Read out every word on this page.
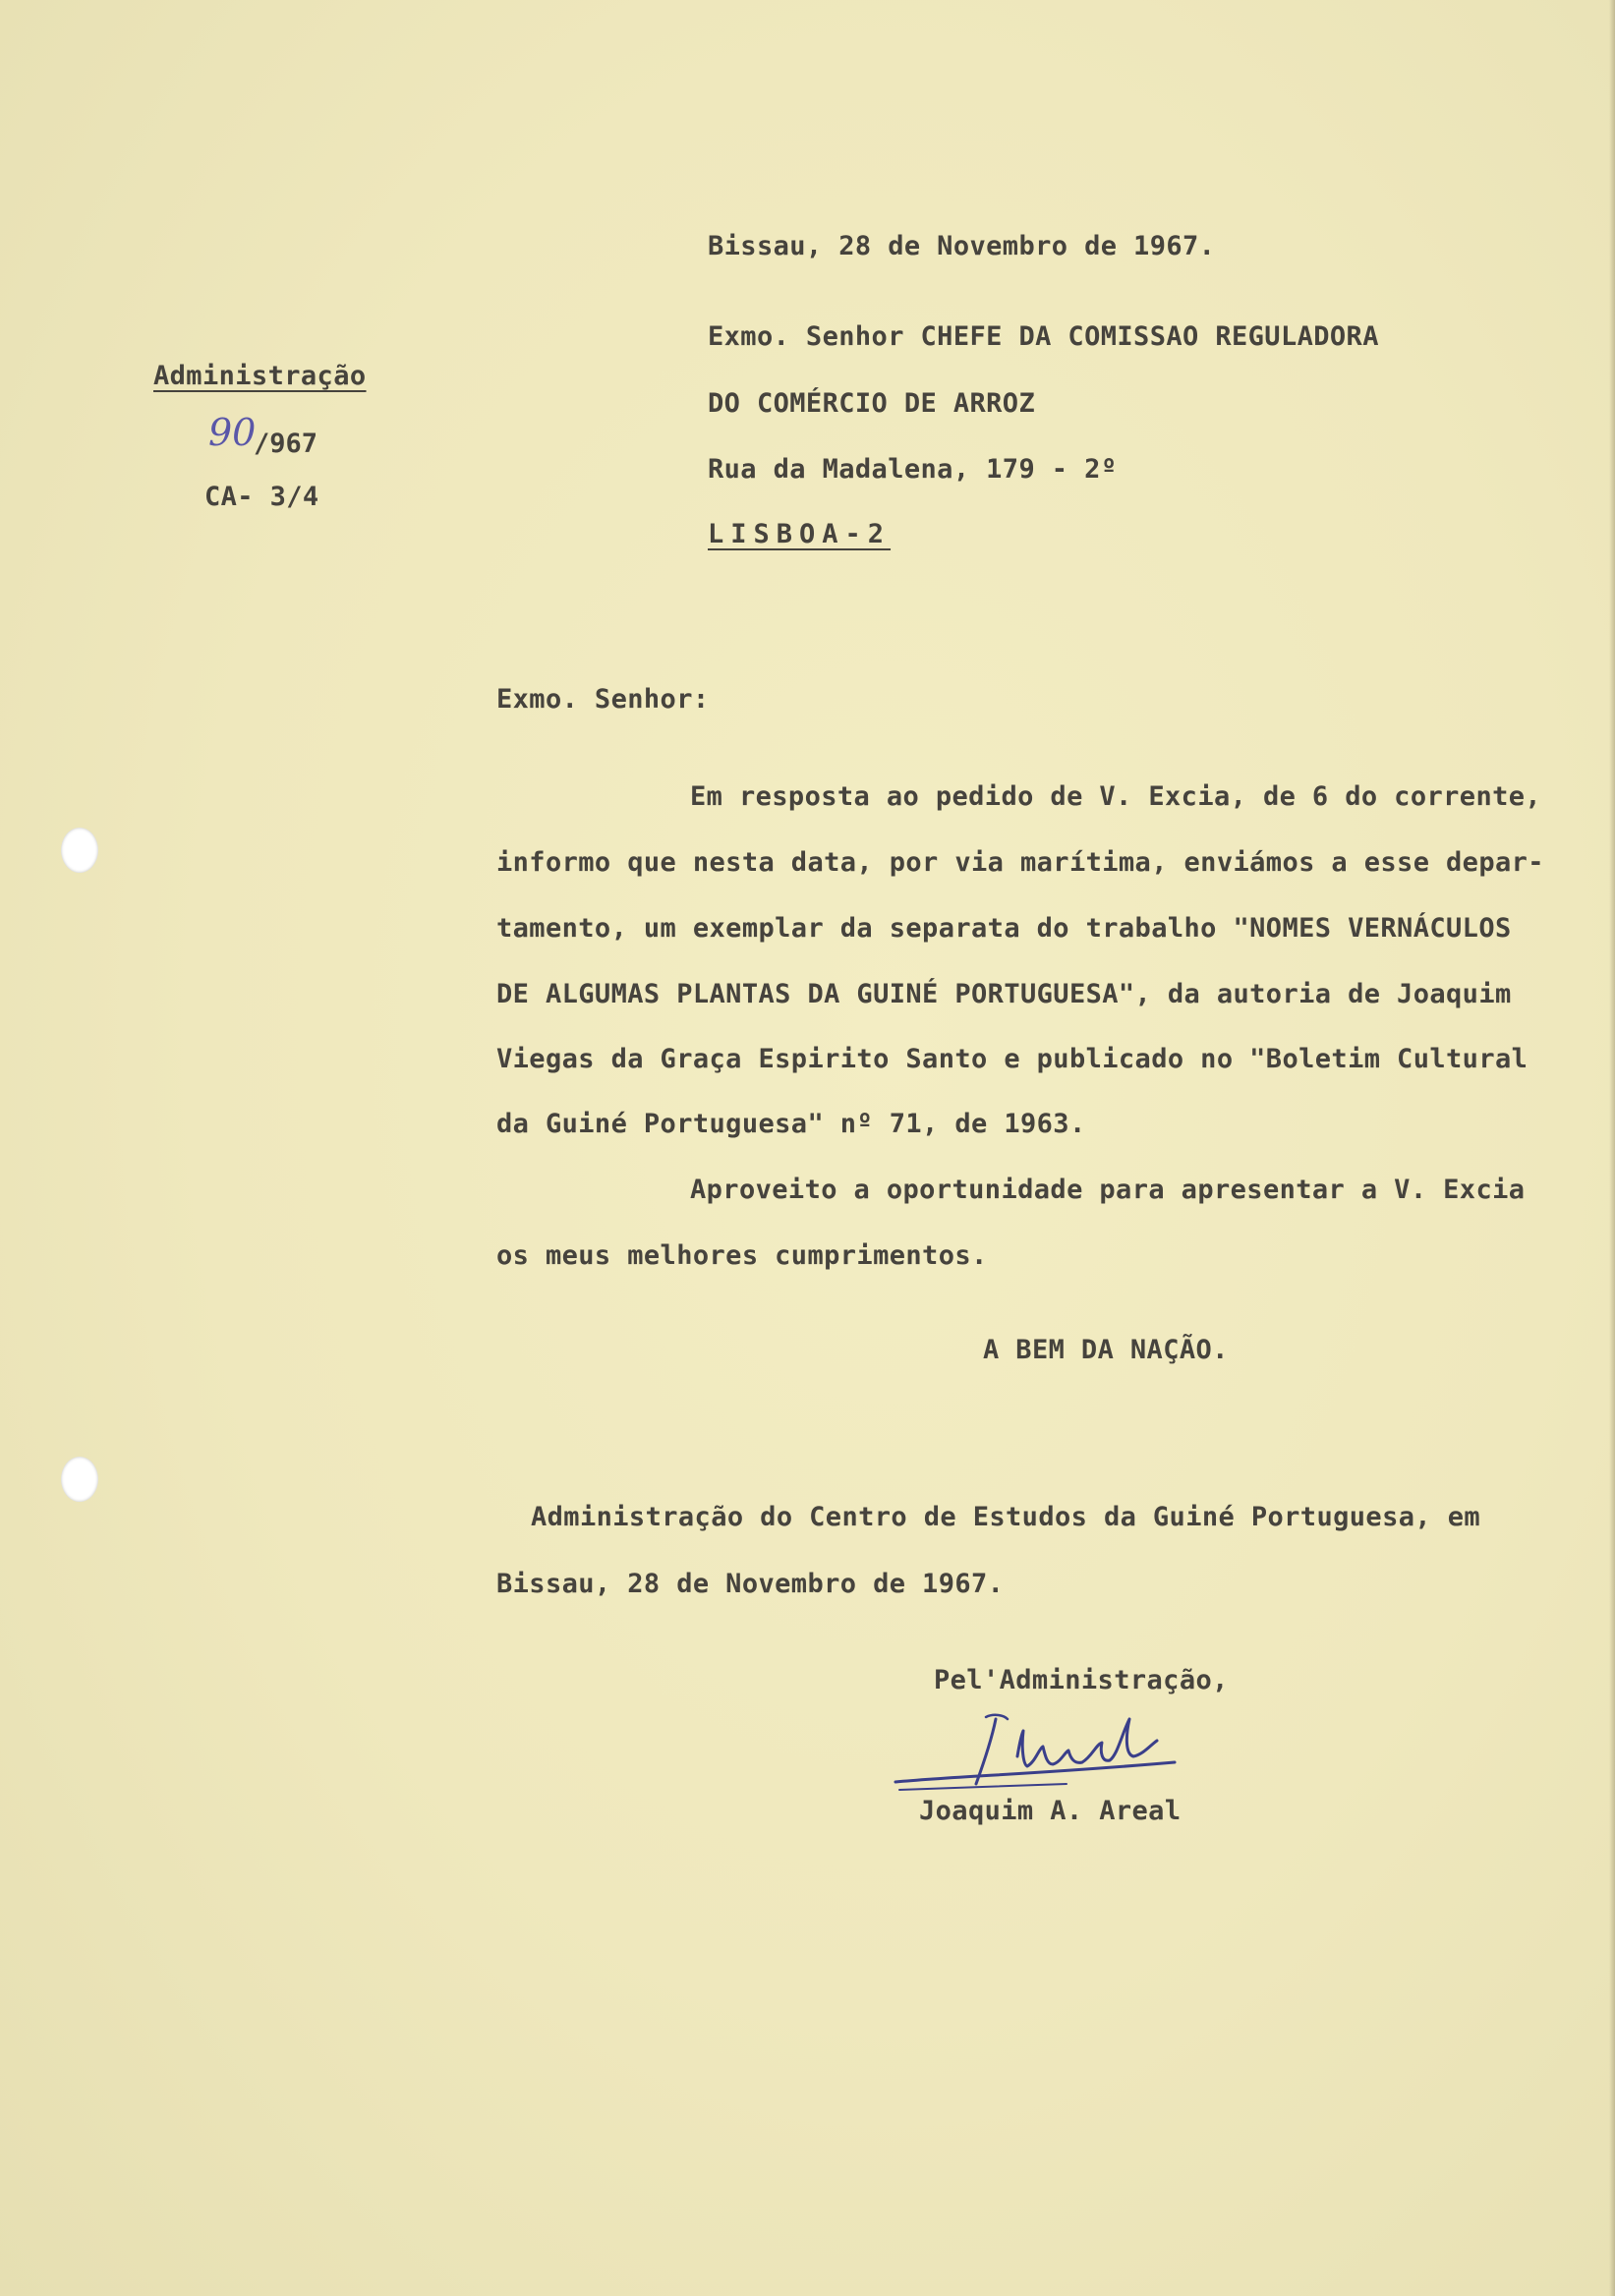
Administração
90
/967
CA- 3/4
Bissau, 28 de Novembro de 1967.
Exmo. Senhor CHEFE DA COMISSAO REGULADORA
DO COMÉRCIO DE ARROZ
Rua da Madalena, 179 - 2º
LISBOA-2
Exmo. Senhor:
Em resposta ao pedido de V. Excia, de 6 do corrente,
informo que nesta data, por via marítima, enviámos a esse depar-
tamento, um exemplar da separata do trabalho "NOMES VERNÁCULOS
DE ALGUMAS PLANTAS DA GUINÉ PORTUGUESA", da autoria de Joaquim
Viegas da Graça Espirito Santo e publicado no "Boletim Cultural
da Guiné Portuguesa" nº 71, de 1963.
Aproveito a oportunidade para apresentar a V. Excia
os meus melhores cumprimentos.
A BEM DA NAÇÃO.
Administração do Centro de Estudos da Guiné Portuguesa, em
Bissau, 28 de Novembro de 1967.
Pel'Administração,
Joaquim A. Areal
